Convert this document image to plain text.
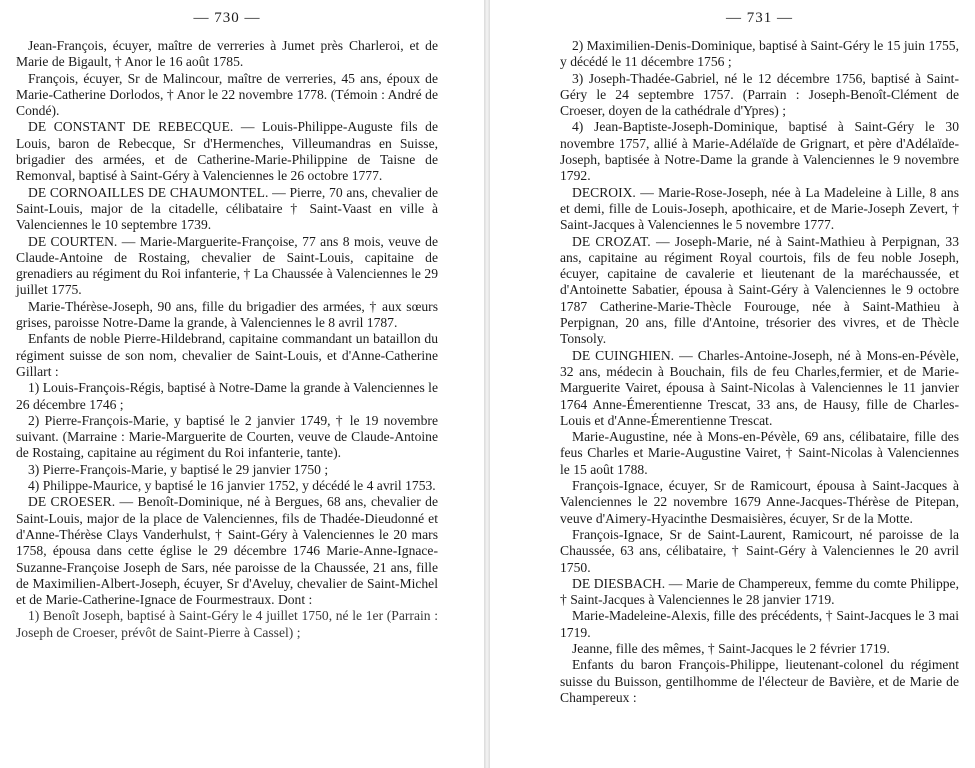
— 730 —

Jean-François, écuyer, maître de verreries à Jumet près Charleroi, et de Marie de Bigault, † Anor le 16 août 1785.

François, écuyer, Sr de Malincour, maître de verreries, 45 ans, époux de Marie-Catherine Dorlodos, † Anor le 22 novembre 1778. (Témoin : André de Condé).

DE CONSTANT DE REBECQUE. — Louis-Philippe-Auguste fils de Louis, baron de Rebecque, Sr d'Hermenches, Villeumandras en Suisse, brigadier des armées, et de Catherine-Marie-Philippine de Taisne de Remonval, baptisé à Saint-Géry à Valenciennes le 26 octobre 1777.

DE CORNOAILLES DE CHAUMONTEL. — Pierre, 70 ans, chevalier de Saint-Louis, major de la citadelle, célibataire † Saint-Vaast en ville à Valenciennes le 10 septembre 1739.

DE COURTEN. — Marie-Marguerite-Françoise, 77 ans 8 mois, veuve de Claude-Antoine de Rostaing, chevalier de Saint-Louis, capitaine de grenadiers au régiment du Roi infanterie, † La Chaussée à Valenciennes le 29 juillet 1775.

Marie-Thérèse-Joseph, 90 ans, fille du brigadier des armées, † aux sœurs grises, paroisse Notre-Dame la grande, à Valenciennes le 8 avril 1787.

Enfants de noble Pierre-Hildebrand, capitaine commandant un bataillon du régiment suisse de son nom, chevalier de Saint-Louis, et d'Anne-Catherine Gillart :

1) Louis-François-Régis, baptisé à Notre-Dame la grande à Valenciennes le 26 décembre 1746 ;

2) Pierre-François-Marie, y baptisé le 2 janvier 1749, † le 19 novembre suivant. (Marraine : Marie-Marguerite de Courten, veuve de Claude-Antoine de Rostaing, capitaine au régiment du Roi infanterie, tante).

3) Pierre-François-Marie, y baptisé le 29 janvier 1750 ;

4) Philippe-Maurice, y baptisé le 16 janvier 1752, y décédé le 4 avril 1753.

DE CROESER. — Benoît-Dominique, né à Bergues, 68 ans, chevalier de Saint-Louis, major de la place de Valenciennes, fils de Thadée-Dieudonné et d'Anne-Thérèse Clays Vanderhulst, † Saint-Géry à Valenciennes le 20 mars 1758, épousa dans cette église le 29 décembre 1746 Marie-Anne-Ignace-Suzanne-Françoise Joseph de Sars, née paroisse de la Chaussée, 21 ans, fille de Maximilien-Albert-Joseph, écuyer, Sr d'Aveluy, chevalier de Saint-Michel et de Marie-Catherine-Ignace de Fourmestraux. Dont :

1) Benoît Joseph, baptisé à Saint-Géry le 4 juillet 1750, né le 1er (Parrain : Joseph de Croeser, prévôt de Saint-Pierre à Cassel) ;

— 731 —

2) Maximilien-Denis-Dominique, baptisé à Saint-Géry le 15 juin 1755, y décédé le 11 décembre 1756 ;

3) Joseph-Thadée-Gabriel, né le 12 décembre 1756, baptisé à Saint-Géry le 24 septembre 1757. (Parrain : Joseph-Benoît-Clément de Croeser, doyen de la cathédrale d'Ypres) ;

4) Jean-Baptiste-Joseph-Dominique, baptisé à Saint-Géry le 30 novembre 1757, allié à Marie-Adélaïde de Grignart, et père d'Adélaïde-Joseph, baptisée à Notre-Dame la grande à Valenciennes le 9 novembre 1792.

DECROIX. — Marie-Rose-Joseph, née à La Madeleine à Lille, 8 ans et demi, fille de Louis-Joseph, apothicaire, et de Marie-Joseph Zevert, † Saint-Jacques à Valenciennes le 5 novembre 1777.

DE CROZAT. — Joseph-Marie, né à Saint-Mathieu à Perpignan, 33 ans, capitaine au régiment Royal courtois, fils de feu noble Joseph, écuyer, capitaine de cavalerie et lieutenant de la maréchaussée, et d'Antoinette Sabatier, épousa à Saint-Géry à Valenciennes le 9 octobre 1787 Catherine-Marie-Thècle Fourouge, née à Saint-Mathieu à Perpignan, 20 ans, fille d'Antoine, trésorier des vivres, et de Thècle Tonsoly.

DE CUINGHIEN. — Charles-Antoine-Joseph, né à Mons-en-Pévèle, 32 ans, médecin à Bouchain, fils de feu Charles,fermier, et de Marie-Marguerite Vairet, épousa à Saint-Nicolas à Valenciennes le 11 janvier 1764 Anne-Émerentienne Trescat, 33 ans, de Hausy, fille de Charles-Louis et d'Anne-Émerentienne Trescat.

Marie-Augustine, née à Mons-en-Pévèle, 69 ans, célibataire, fille des feus Charles et Marie-Augustine Vairet, † Saint-Nicolas à Valenciennes le 15 août 1788.

François-Ignace, écuyer, Sr de Ramicourt, épousa à Saint-Jacques à Valenciennes le 22 novembre 1679 Anne-Jacques-Thérèse de Pitepan, veuve d'Aimery-Hyacinthe Desmaisières, écuyer, Sr de la Motte.

François-Ignace, Sr de Saint-Laurent, Ramicourt, né paroisse de la Chaussée, 63 ans, célibataire, † Saint-Géry à Valenciennes le 20 avril 1750.

DE DIESBACH. — Marie de Champereux, femme du comte Philippe, † Saint-Jacques à Valenciennes le 28 janvier 1719.

Marie-Madeleine-Alexis, fille des précédents, † Saint-Jacques le 3 mai 1719.

Jeanne, fille des mêmes, † Saint-Jacques le 2 février 1719.

Enfants du baron François-Philippe, lieutenant-colonel du régiment suisse du Buisson, gentilhomme de l'électeur de Bavière, et de Marie de Champereux :
